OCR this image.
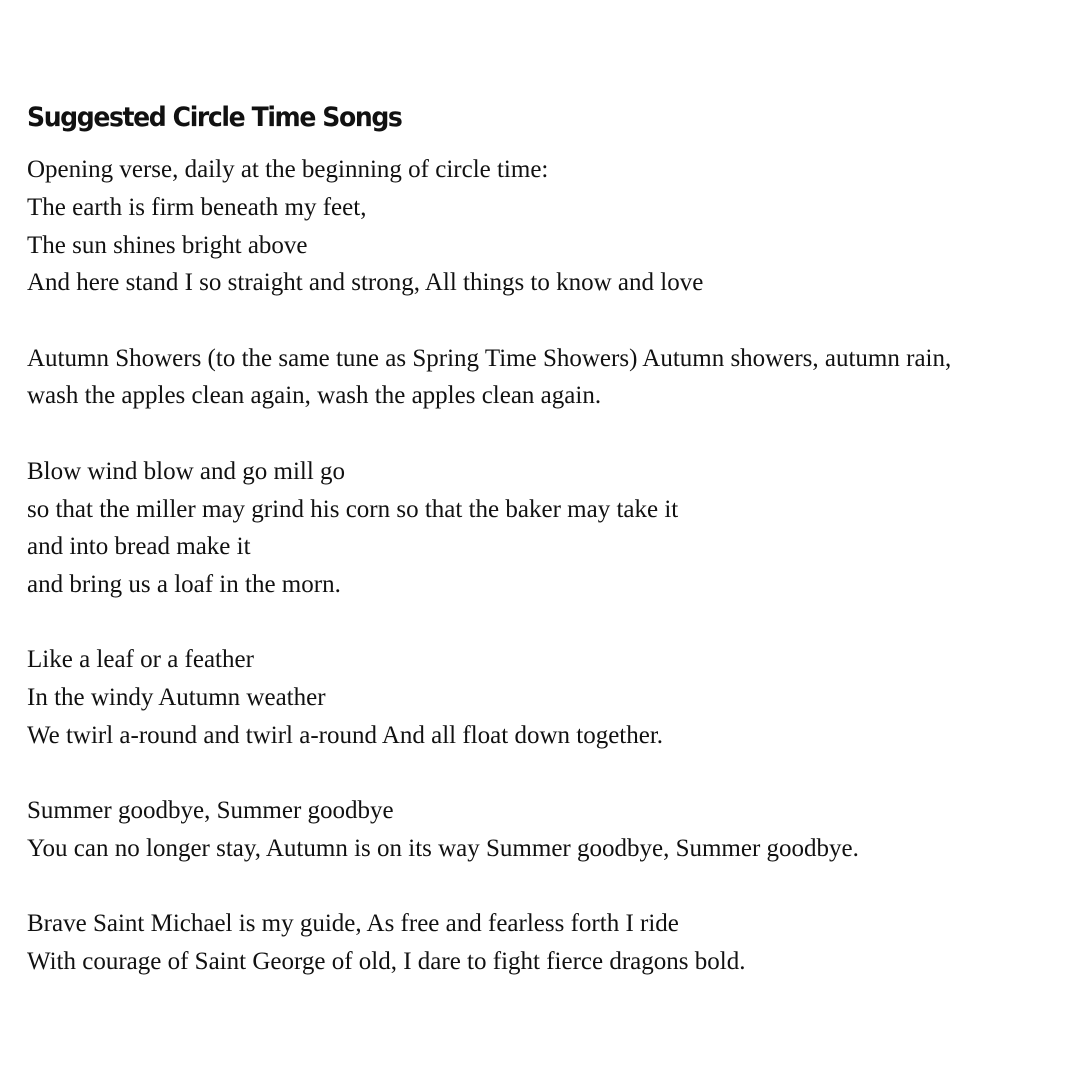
Suggested Circle Time Songs
Opening verse, daily at the beginning of circle time:
The earth is firm beneath my feet,
The sun shines bright above
And here stand I so straight and strong, All things to know and love
Autumn Showers (to the same tune as Spring Time Showers) Autumn showers, autumn rain,
wash the apples clean again, wash the apples clean again.
Blow wind blow and go mill go
so that the miller may grind his corn so that the baker may take it
and into bread make it
and bring us a loaf in the morn.
Like a leaf or a feather
In the windy Autumn weather
We twirl a-round and twirl a-round And all float down together.
Summer goodbye, Summer goodbye
You can no longer stay, Autumn is on its way Summer goodbye, Summer goodbye.
Brave Saint Michael is my guide, As free and fearless forth I ride
With courage of Saint George of old, I dare to fight fierce dragons bold.
